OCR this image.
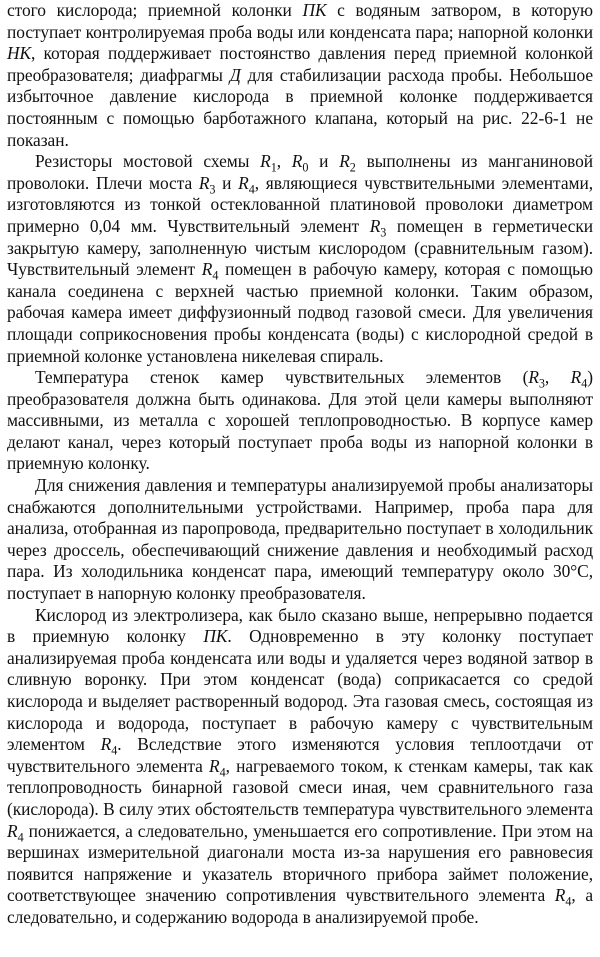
стого кислорода; приемной колонки ПК с водяным затвором, в которую поступает контролируемая проба воды или конденсата пара; напорной колонки НК, которая поддерживает постоянство давления перед приемной колонкой преобразователя; диафрагмы Д для стабилизации расхода пробы. Небольшое избыточное давление кислорода в приемной колонке поддерживается постоянным с помощью барботажного клапана, который на рис. 22-6-1 не показан.

Резисторы мостовой схемы $R_1$, $R_0$ и $R_2$ выполнены из манганиновой проволоки. Плечи моста $R_3$ и $R_4$, являющиеся чувствительными элементами, изготовляются из тонкой остеклованной платиновой проволоки диаметром примерно 0,04 мм. Чувствительный элемент $R_3$ помещен в герметически закрытую камеру, заполненную чистым кислородом (сравнительным газом). Чувствительный элемент $R_4$ помещен в рабочую камеру, которая с помощью канала соединена с верхней частью приемной колонки. Таким образом, рабочая камера имеет диффузионный подвод газовой смеси. Для увеличения площади соприкосновения пробы конденсата (воды) с кислородной средой в приемной колонке установлена никелевая спираль.

Температура стенок камер чувствительных элементов ($R_3$, $R_4$) преобразователя должна быть одинакова. Для этой цели камеры выполняют массивными, из металла с хорошей теплопроводностью. В корпусе камер делают канал, через который поступает проба воды из напорной колонки в приемную колонку.

Для снижения давления и температуры анализируемой пробы анализаторы снабжаются дополнительными устройствами. Например, проба пара для анализа, отобранная из паропровода, предварительно поступает в холодильник через дроссель, обеспечивающий снижение давления и необходимый расход пара. Из холодильника конденсат пара, имеющий температуру около 30°С, поступает в напорную колонку преобразователя.

Кислород из электролизера, как было сказано выше, непрерывно подается в приемную колонку ПК. Одновременно в эту колонку поступает анализируемая проба конденсата или воды и удаляется через водяной затвор в сливную воронку. При этом конденсат (вода) соприкасается со средой кислорода и выделяет растворенный водород. Эта газовая смесь, состоящая из кислорода и водорода, поступает в рабочую камеру с чувствительным элементом $R_4$. Вследствие этого изменяются условия теплоотдачи от чувствительного элемента $R_4$, нагреваемого током, к стенкам камеры, так как теплопроводность бинарной газовой смеси иная, чем сравнительного газа (кислорода). В силу этих обстоятельств температура чувствительного элемента $R_4$ понижается, а следовательно, уменьшается его сопротивление. При этом на вершинах измерительной диагонали моста из-за нарушения его равновесия появится напряжение и указатель вторичного прибора займет положение, соответствующее значению сопротивления чувствительного элемента $R_4$, а следовательно, и содержанию водорода в анализируемой пробе.
